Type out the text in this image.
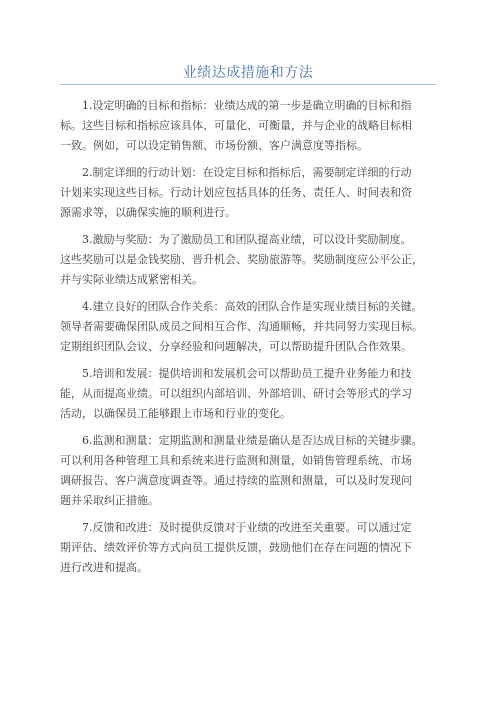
业绩达成措施和方法

1.设定明确的目标和指标：业绩达成的第一步是确立明确的目标和指
标。这些目标和指标应该具体、可量化、可衡量，并与企业的战略目标相
一致。例如，可以设定销售额、市场份额、客户满意度等指标。

2.制定详细的行动计划：在设定目标和指标后，需要制定详细的行动
计划来实现这些目标。行动计划应包括具体的任务、责任人、时间表和资
源需求等，以确保实施的顺利进行。

3.激励与奖励：为了激励员工和团队提高业绩，可以设计奖励制度。
这些奖励可以是金钱奖励、晋升机会、奖励旅游等。奖励制度应公平公正，
并与实际业绩达成紧密相关。

4.建立良好的团队合作关系：高效的团队合作是实现业绩目标的关键。
领导者需要确保团队成员之间相互合作、沟通顺畅，并共同努力实现目标。
定期组织团队会议、分享经验和问题解决，可以帮助提升团队合作效果。

5.培训和发展：提供培训和发展机会可以帮助员工提升业务能力和技
能，从而提高业绩。可以组织内部培训、外部培训、研讨会等形式的学习
活动，以确保员工能够跟上市场和行业的变化。

6.监测和测量：定期监测和测量业绩是确认是否达成目标的关键步骤。
可以利用各种管理工具和系统来进行监测和测量，如销售管理系统、市场
调研报告、客户满意度调查等。通过持续的监测和测量，可以及时发现问
题并采取纠正措施。

7.反馈和改进：及时提供反馈对于业绩的改进至关重要。可以通过定
期评估、绩效评价等方式向员工提供反馈，鼓励他们在存在问题的情况下
进行改进和提高。
